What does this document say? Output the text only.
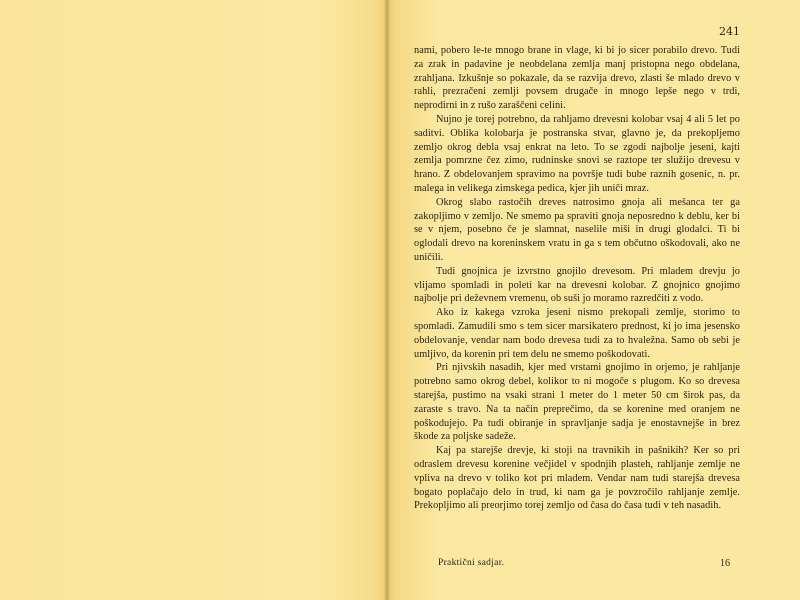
241

nami, pobero le-te mnogo brane in vlage, ki bi jo sicer porabilo drevo. Tudi za zrak in padavine je neobdelana zemlja manj pristopna nego obdelana, zrahljana. Izkušnje so pokazale, da se razvija drevo, zlasti še mlado drevo v rahli, prezračeni zemlji povsem drugače in mnogo lepše nego v trdi, neprodirni in z rušo zaraščeni celini.

Nujno je torej potrebno, da rahljamo drevesni kolobar vsaj 4 ali 5 let po saditvi. Oblika kolobarja je postranska stvar, glavno je, da prekopljemo zemljo okrog debla vsaj enkrat na leto. To se zgodi najbolje jeseni, kajti zemlja pomrzne čez zimo, rudninske snovi se raztope ter služijo drevesu v hrano. Z obdelovanjem spravimo na površje tudi bube raznih gosenic, n. pr. malega in velikega zimskega pedica, kjer jih uniči mraz.

Okrog slabo rastočih dreves natrosimo gnoja ali mešanca ter ga zakopljimo v zemljo. Ne smemo pa spraviti gnoja neposredno k deblu, ker bi se v njem, posebno če je slamnat, naselile miši in drugi glodalci. Ti bi oglodali drevo na koreninskem vratu in ga s tem občutno oškodovali, ako ne uničili.

Tudi gnojnica je izvrstno gnojilo drevesom. Pri mladem drevju jo vlijamo spomladi in poleti kar na drevesni kolobar. Z gnojnico gnojimo najbolje pri deževnem vremenu, ob suši jo moramo razredčiti z vodo.

Ako iz kakega vzroka jeseni nismo prekopali zemlje, storimo to spomladi. Zamudili smo s tem sicer marsikatero prednost, ki jo ima jesensko obdelovanje, vendar nam bodo drevesa tudi za to hvaležna. Samo ob sebi je umljivo, da korenin pri tem delu ne smemo poškodovati.

Pri njivskih nasadih, kjer med vrstami gnojimo in orjemo, je rahljanje potrebno samo okrog debel, kolikor to ni mogoče s plugom. Ko so drevesa starejša, pustimo na vsaki strani 1 meter do 1 meter 50 cm širok pas, da zaraste s travo. Na ta način preprečimo, da se korenine med oranjem ne poškodujejo. Pa tudi obiranje in spravljanje sadja je enostavnejše in brez škode za poljske sadeže.

Kaj pa starejše drevje, ki stoji na travnikih in pašnikih? Ker so pri odraslem drevesu korenine večjidel v spodnjih plasteh, rahljanje zemlje ne vpliva na drevo v toliko kot pri mladem. Vendar nam tudi starejša drevesa bogato poplačajo delo in trud, ki nam ga je povzročilo rahljanje zemlje. Prekopljimo ali preorjimo torej zemljo od časa do časa tudi v teh nasadih.

Praktični sadjar.	16
